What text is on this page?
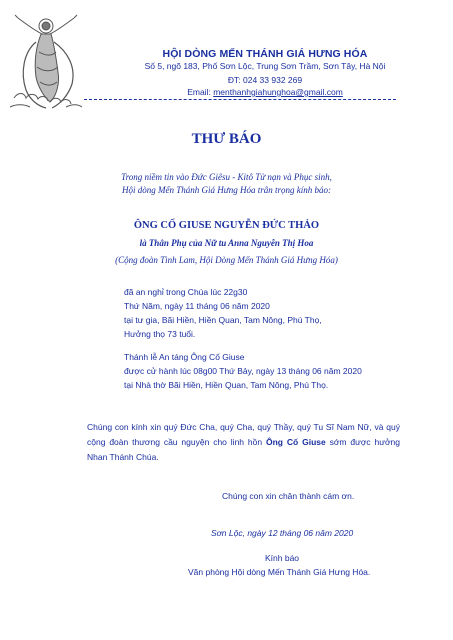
HỘI DÒNG MẾN THÁNH GIÁ HƯNG HÓA
Số 5, ngõ 183, Phố Sơn Lộc, Trung Sơn Trầm, Sơn Tây, Hà Nội
ĐT: 024 33 932 269
Email: menthanhgiahunghoa@gmail.com
THƯ BÁO
Trong niềm tin vào Đức Giêsu - Kitô Tử nạn và Phục sinh,
Hội dòng Mến Thánh Giá Hưng Hóa trân trọng kính báo:
ÔNG CỐ GIUSE NGUYỄN ĐỨC THẢO
là Thân Phụ của Nữ tu Anna Nguyễn Thị Hoa
(Cộng đoàn Tình Lam, Hội Dòng Mến Thánh Giá Hưng Hóa)
đã an nghỉ trong Chúa lúc 22g30
Thứ Năm, ngày 11 tháng 06 năm 2020
tại tư gia, Bãi Hiền, Hiền Quan, Tam Nông, Phú Thọ,
Hưởng thọ 73 tuổi.
Thánh lễ An táng Ông Cố Giuse
được cử hành lúc 08g00 Thứ Bảy, ngày 13 tháng 06 năm 2020
tại Nhà thờ Bãi Hiền, Hiền Quan, Tam Nông, Phú Thọ.
Chúng con kính xin quý Đức Cha, quý Cha, quý Thầy, quý Tu Sĩ Nam Nữ, và quý cộng đoàn thương cầu nguyện cho linh hồn Ông Cố Giuse sớm được hưởng Nhan Thánh Chúa.
Chúng con xin chân thành cám ơn.
Sơn Lộc, ngày 12 tháng 06 năm 2020
Kính báo
Văn phòng Hội dòng Mến Thánh Giá Hưng Hóa.
